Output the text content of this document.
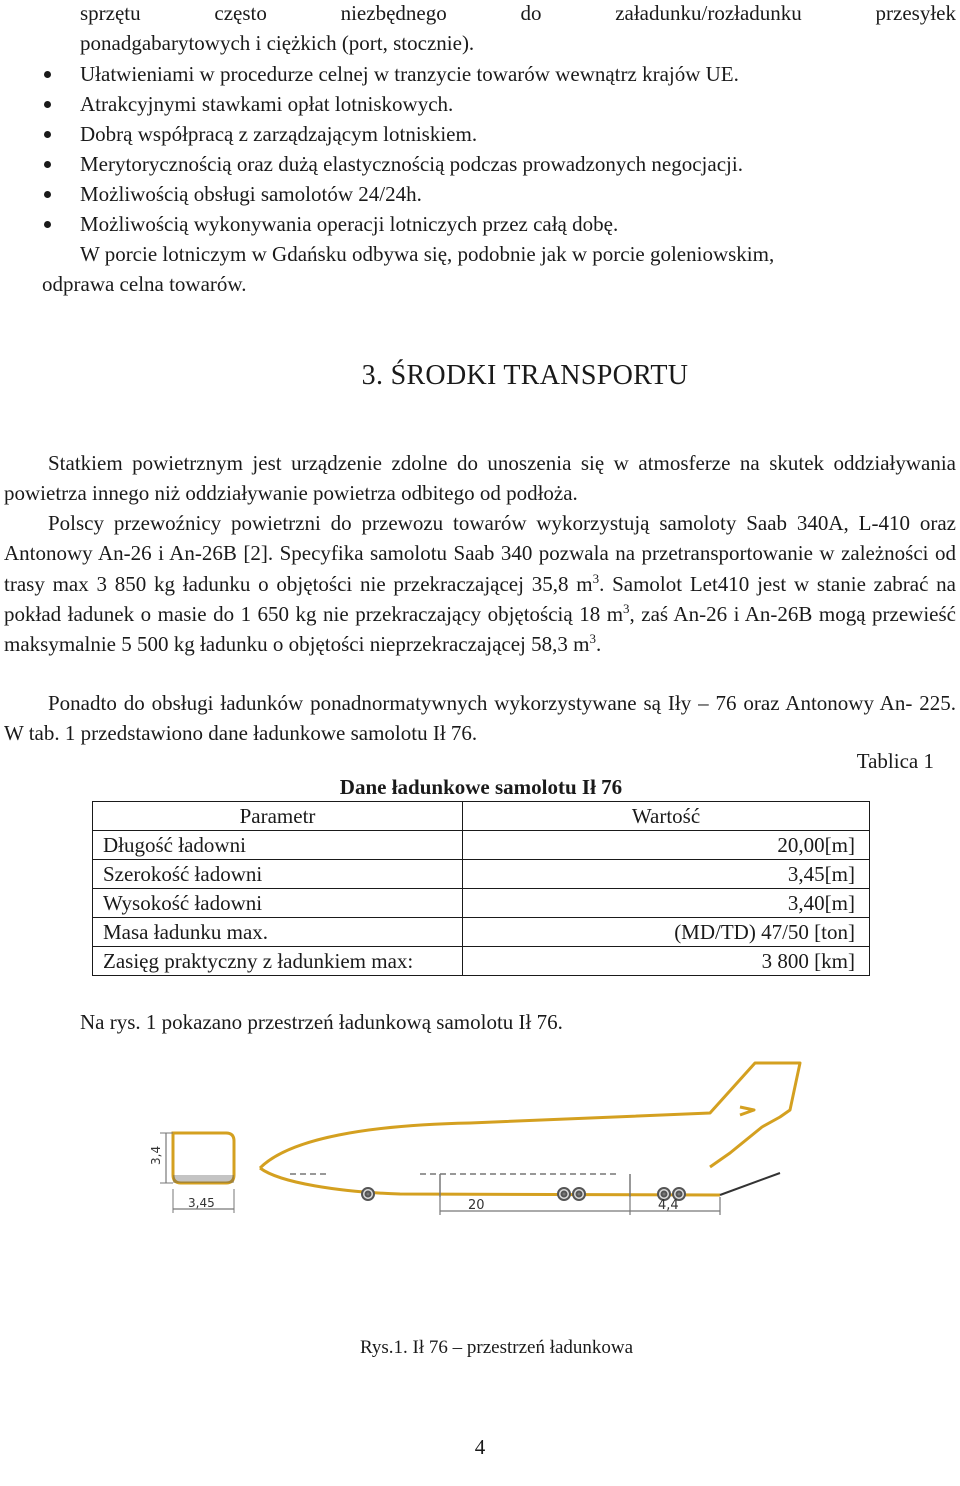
sprzętu często niezbędnego do załadunku/rozładunku przesyłek
ponadgabarytowych i ciężkich (port, stocznie).
Ułatwieniami w procedurze celnej w tranzycie towarów wewnątrz krajów UE.
Atrakcyjnymi stawkami opłat lotniskowych.
Dobrą współpracą z zarządzającym lotniskiem.
Merytorycznością oraz dużą elastycznością podczas prowadzonych negocjacji.
Możliwością obsługi samolotów 24/24h.
Możliwością wykonywania operacji lotniczych przez całą dobę.
W porcie lotniczym w Gdańsku odbywa się, podobnie jak w porcie goleniowskim,
odprawa celna towarów.
3. ŚRODKI TRANSPORTU

Statkiem powietrznym jest urządzenie zdolne do unoszenia się w atmosferze na skutek oddziaływania powietrza innego niż oddziaływanie powietrza odbitego od podłoża.

Polscy przewoźnicy powietrzni do przewozu towarów wykorzystują samoloty Saab 340A, L-410 oraz Antonowy An-26 i An-26B [2]. Specyfika samolotu Saab 340 pozwala na przetransportowanie w zależności od trasy max 3 850 kg ładunku o objętości nie przekraczającej 35,8 $m^3$. Samolot Let410 jest w stanie zabrać na pokład ładunek o masie do 1 650 kg nie przekraczający objętością 18 $m^3$, zaś An-26 i An-26B mogą przewieść maksymalnie 5 500 kg ładunku o objętości nieprzekraczającej 58,3 $m^3$.

Ponadto do obsługi ładunków ponadnormatywnych wykorzystywane są Iły – 76 oraz Antonowy An- 225. W tab. 1 przedstawiono dane ładunkowe samolotu Ił 76.

Tablica 1
Dane ładunkowe samolotu Ił 76
Parametr	Wartość
Długość ładowni	20,00[m]
Szerokość ładowni	3,45[m]
Wysokość ładowni	3,40[m]
Masa ładunku max.	(MD/TD) 47/50 [ton]
Zasięg praktyczny z ładunkiem max:	3 800 [km]
Na rys. 1 pokazano przestrzeń ładunkową samolotu Ił 76.
3,4
3,45	20	4,4
Rys.1. Ił 76 – przestrzeń ładunkowa
4
